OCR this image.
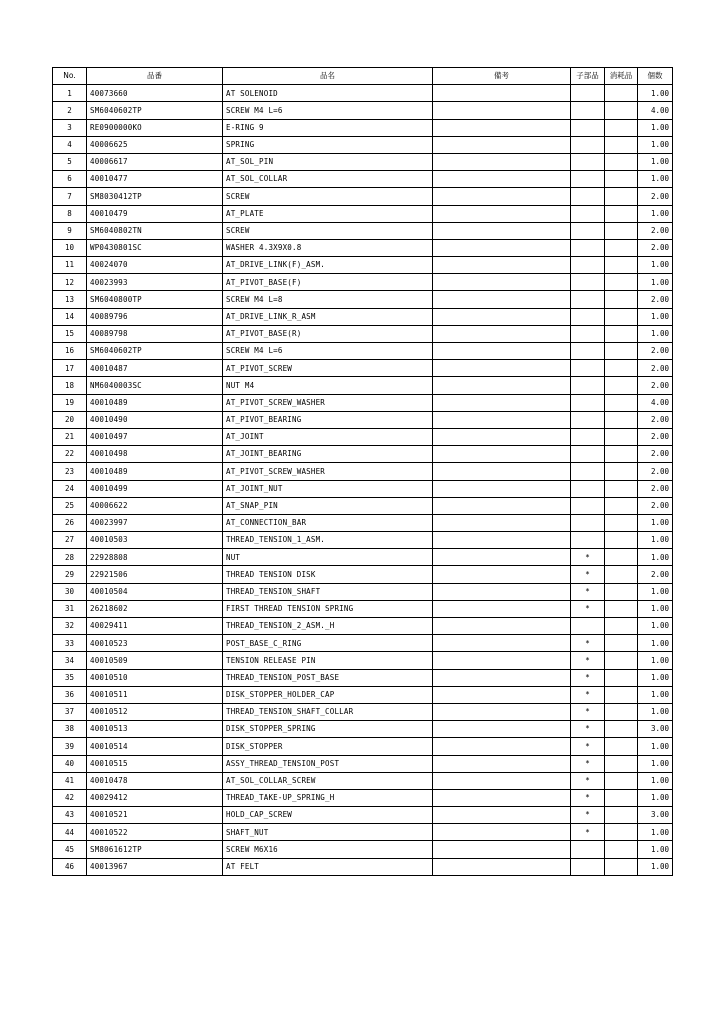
No.	品番	品名	備考	子部品	消耗品	個数
1	40073660	AT SOLENOID				1.00
2	SM6040602TP	SCREW M4 L=6				4.00
3	RE0900000KO	E-RING 9				1.00
4	40006625	SPRING				1.00
5	40006617	AT_SOL_PIN				1.00
6	40010477	AT_SOL_COLLAR				1.00
7	SM8030412TP	SCREW				2.00
8	40010479	AT_PLATE				1.00
9	SM6040802TN	SCREW				2.00
10	WP0430801SC	WASHER 4.3X9X0.8				2.00
11	40024070	AT_DRIVE_LINK(F)_ASM.				1.00
12	40023993	AT_PIVOT_BASE(F)				1.00
13	SM6040800TP	SCREW M4 L=8				2.00
14	40089796	AT_DRIVE_LINK_R_ASM				1.00
15	40089798	AT_PIVOT_BASE(R)				1.00
16	SM6040602TP	SCREW M4 L=6				2.00
17	40010487	AT_PIVOT_SCREW				2.00
18	NM6040003SC	NUT M4				2.00
19	40010489	AT_PIVOT_SCREW_WASHER				4.00
20	40010490	AT_PIVOT_BEARING				2.00
21	40010497	AT_JOINT				2.00
22	40010498	AT_JOINT_BEARING				2.00
23	40010489	AT_PIVOT_SCREW_WASHER				2.00
24	40010499	AT_JOINT_NUT				2.00
25	40006622	AT_SNAP_PIN				2.00
26	40023997	AT_CONNECTION_BAR				1.00
27	40010503	THREAD_TENSION_1_ASM.				1.00
28	22928808	NUT		*		1.00
29	22921506	THREAD TENSION DISK		*		2.00
30	40010504	THREAD_TENSION_SHAFT		*		1.00
31	26218602	FIRST THREAD TENSION SPRING		*		1.00
32	40029411	THREAD_TENSION_2_ASM._H				1.00
33	40010523	POST_BASE_C_RING		*		1.00
34	40010509	TENSION RELEASE PIN		*		1.00
35	40010510	THREAD_TENSION_POST_BASE		*		1.00
36	40010511	DISK_STOPPER_HOLDER_CAP		*		1.00
37	40010512	THREAD_TENSION_SHAFT_COLLAR		*		1.00
38	40010513	DISK_STOPPER_SPRING		*		3.00
39	40010514	DISK_STOPPER		*		1.00
40	40010515	ASSY_THREAD_TENSION_POST		*		1.00
41	40010478	AT_SOL_COLLAR_SCREW		*		1.00
42	40029412	THREAD_TAKE-UP_SPRING_H		*		1.00
43	40010521	HOLD_CAP_SCREW		*		3.00
44	40010522	SHAFT_NUT		*		1.00
45	SM8061612TP	SCREW M6X16				1.00
46	40013967	AT FELT				1.00
